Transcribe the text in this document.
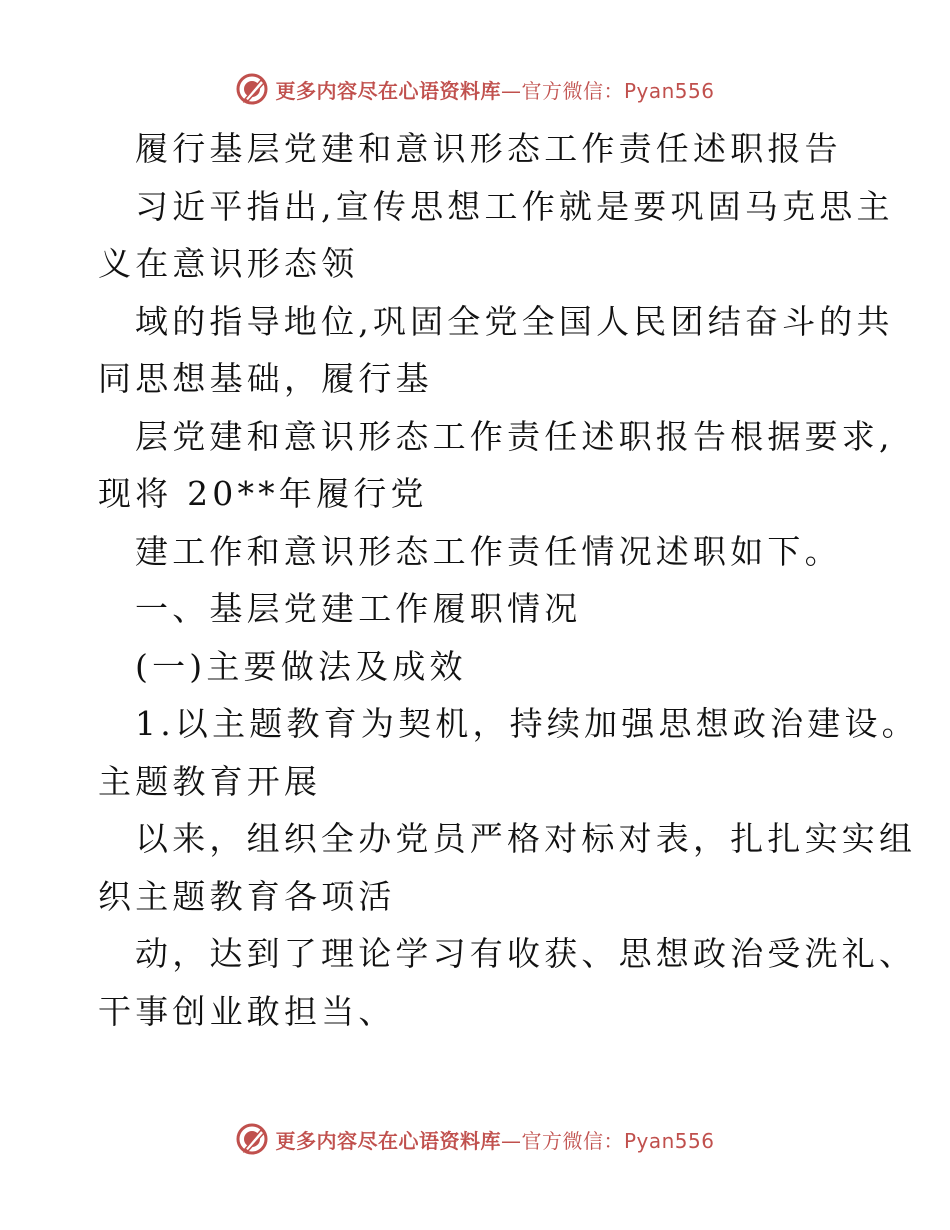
更多内容尽在心语资料库—官方微信：Pyan556
履行基层党建和意识形态工作责任述职报告
习近平指出,宣传思想工作就是要巩固马克思主
义在意识形态领
域的指导地位,巩固全党全国人民团结奋斗的共
同思想基础，履行基
层党建和意识形态工作责任述职报告根据要求,
现将 20**年履行党
建工作和意识形态工作责任情况述职如下。
一、基层党建工作履职情况
(一)主要做法及成效
1.以主题教育为契机，持续加强思想政治建设。
主题教育开展
以来，组织全办党员严格对标对表，扎扎实实组
织主题教育各项活
动，达到了理论学习有收获、思想政治受洗礼、
干事创业敢担当、
更多内容尽在心语资料库—官方微信：Pyan556
